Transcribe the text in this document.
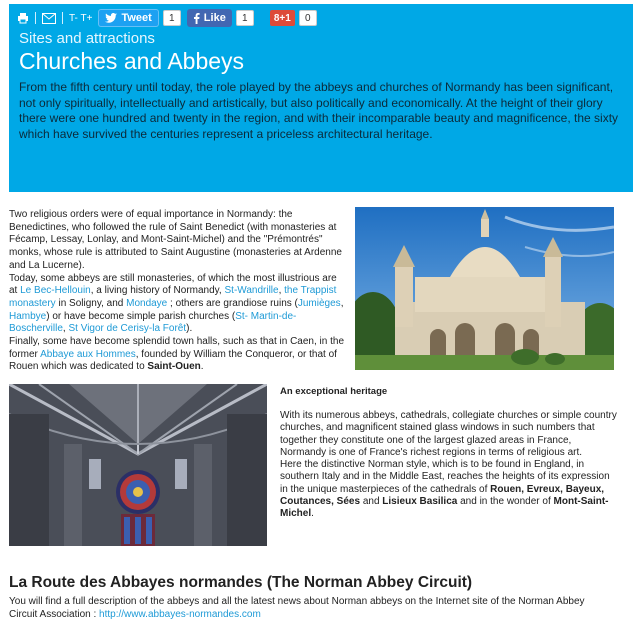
T- T+	Tweet	1	Like	1	8+1	0
Sites and attractions
Churches and Abbeys

From the fifth century until today, the role played by the abbeys and churches of Normandy has been significant, not only spiritually, intellectually and artistically, but also politically and economically. At the height of their glory there were one hundred and twenty in the region, and with their incomparable beauty and magnificence, the sixty which have survived the centuries represent a priceless architectural heritage.

Two religious orders were of equal importance in Normandy: the Benedictines, who followed the rule of Saint Benedict (with monasteries at Fécamp, Lessay, Lonlay, and Mont-Saint-Michel) and the "Prémontrés" monks, whose rule is attributed to Saint Augustine (monasteries at Ardenne and La Lucerne).
Today, some abbeys are still monasteries, of which the most illustrious are at Le Bec-Hellouin, a living history of Normandy, St-Wandrille, the Trappist monastery in Soligny, and Mondaye ; others are grandiose ruins (Jumièges, Hambye) or have become simple parish churches (St- Martin-de-Boscherville, St Vigor de Cerisy-la Forêt).
Finally, some have become splendid town halls, such as that in Caen, in the former Abbaye aux Hommes, founded by William the Conqueror, or that of Rouen which was dedicated to Saint-Ouen.
An exceptional heritage
With its numerous abbeys, cathedrals, collegiate churches or simple country churches, and magnificent stained glass windows in such numbers that together they constitute one of the largest glazed areas in France, Normandy is one of France's richest regions in terms of religious art.
Here the distinctive Norman style, which is to be found in England, in southern Italy and in the Middle East, reaches the heights of its expression in the unique masterpieces of the cathedrals of Rouen, Evreux, Bayeux, Coutances, Sées and Lisieux Basilica and in the wonder of Mont-Saint-Michel.
La Route des Abbayes normandes (The Norman Abbey Circuit)
You will find a full description of the abbeys and all the latest news about Norman abbeys on the Internet site of the Norman Abbey Circuit Association : http://www.abbayes-normandes.com
